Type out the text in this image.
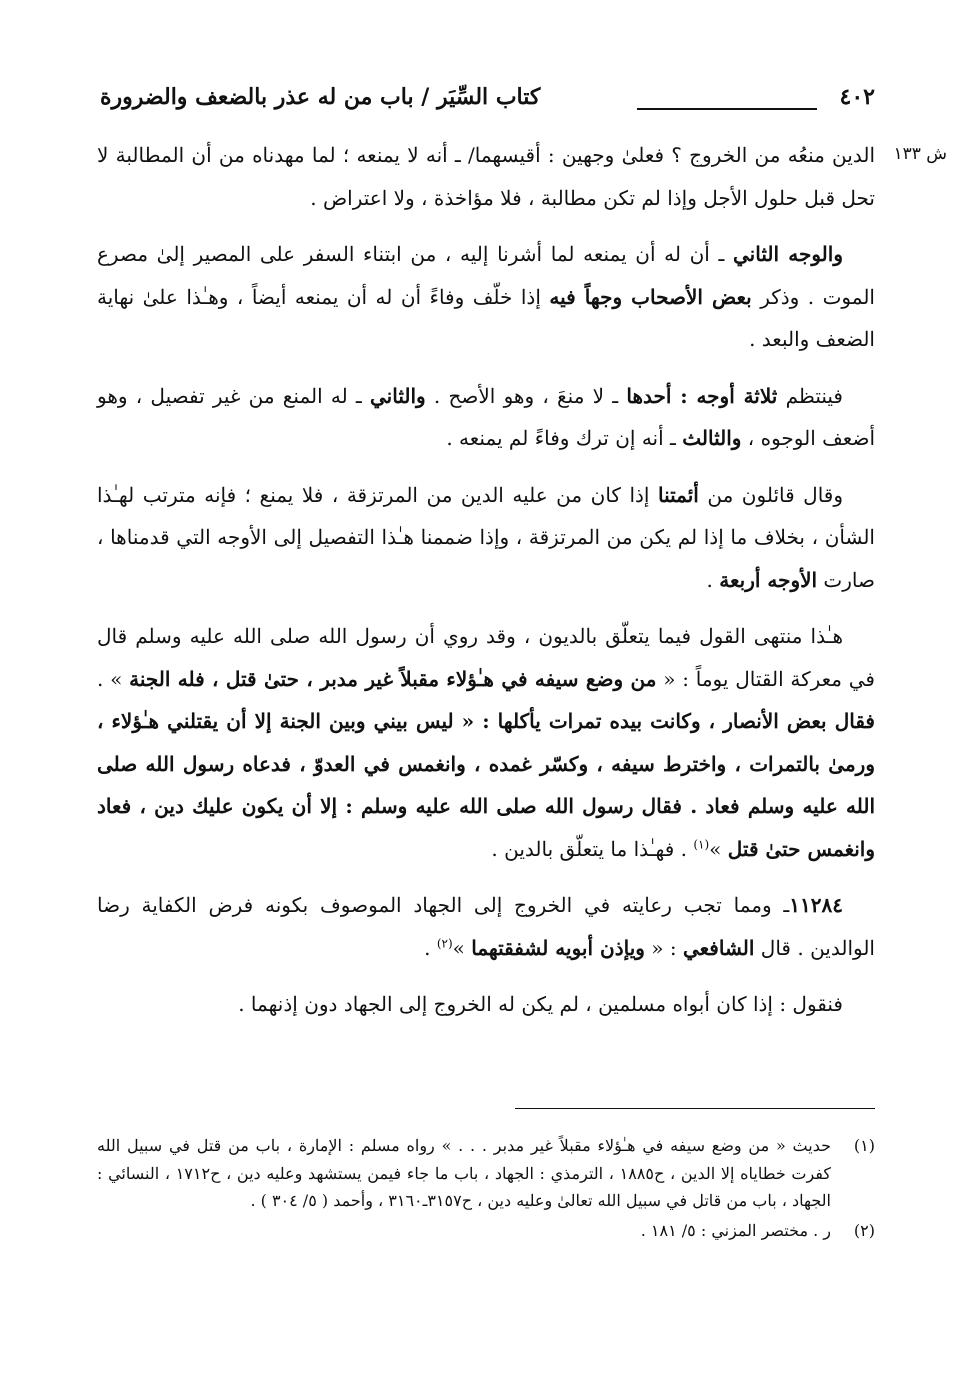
٤٠٢
كتاب السِّيَر / باب من له عذر بالضعف والضرورة
ش ١٣٣

الدين منعُه من الخروج ؟ فعلىٰ وجهين : أقيسهما/ ـ أنه لا يمنعه ؛ لما مهدناه من أن المطالبة لا تحل قبل حلول الأجل وإذا لم تكن مطالبة ، فلا مؤاخذة ، ولا اعتراض .

والوجه الثاني ـ أن له أن يمنعه لما أشرنا إليه ، من ابتناء السفر على المصير إلىٰ مصرع الموت . وذكر بعض الأصحاب وجهاً فيه إذا خلّف وفاءً أن له أن يمنعه أيضاً ، وهـٰذا علىٰ نهاية الضعف والبعد .

فينتظم ثلاثة أوجه : أحدها ـ لا منعَ ، وهو الأصح . والثاني ـ له المنع من غير تفصيل ، وهو أضعف الوجوه ، والثالث ـ أنه إن ترك وفاءً لم يمنعه .

وقال قائلون من أئمتنا إذا كان من عليه الدين من المرتزقة ، فلا يمنع ؛ فإنه مترتب لهـٰذا الشأن ، بخلاف ما إذا لم يكن من المرتزقة ، وإذا ضممنا هـٰذا التفصيل إلى الأوجه التي قدمناها ، صارت الأوجه أربعة .

هـٰذا منتهى القول فيما يتعلّق بالديون ، وقد روي أن رسول الله صلى الله عليه وسلم قال في معركة القتال يوماً : « من وضع سيفه في هـٰؤلاء مقبلاً غير مدبر ، حتىٰ قتل ، فله الجنة » . فقال بعض الأنصار ، وكانت بيده تمرات يأكلها : « ليس بيني وبين الجنة إلا أن يقتلني هـٰؤلاء ، ورمىٰ بالتمرات ، واخترط سيفه ، وكسّر غمده ، وانغمس في العدوّ ، فدعاه رسول الله صلى الله عليه وسلم فعاد . فقال رسول الله صلى الله عليه وسلم : إلا أن يكون عليك دين ، فعاد وانغمس حتىٰ قتل »$^{(١)}$ . فهـٰذا ما يتعلّق بالدين .

١١٢٨٤ـ ومما تجب رعايته في الخروج إلى الجهاد الموصوف بكونه فرض الكفاية رضا الوالدين . قال الشافعي : « ويإذن أبويه لشفقتهما »$^{(٢)}$ .

فنقول : إذا كان أبواه مسلمين ، لم يكن له الخروج إلى الجهاد دون إذنهما .

(١)
حديث « من وضع سيفه في هـٰؤلاء مقبلاً غير مدبر . . . » رواه مسلم : الإمارة ، باب من قتل في سبيل الله كفرت خطاياه إلا الدين ، ح١٨٨٥ ، الترمذي : الجهاد ، باب ما جاء فيمن يستشهد وعليه دين ، ح١٧١٢ ، النسائي : الجهاد ، باب من قاتل في سبيل الله تعالىٰ وعليه دين ، ح٣١٥٧ـ٣١٦٠ ، وأحمد ( ٥/ ٣٠٤ ) .
(٢)
ر . مختصر المزني : ٥/ ١٨١ .
